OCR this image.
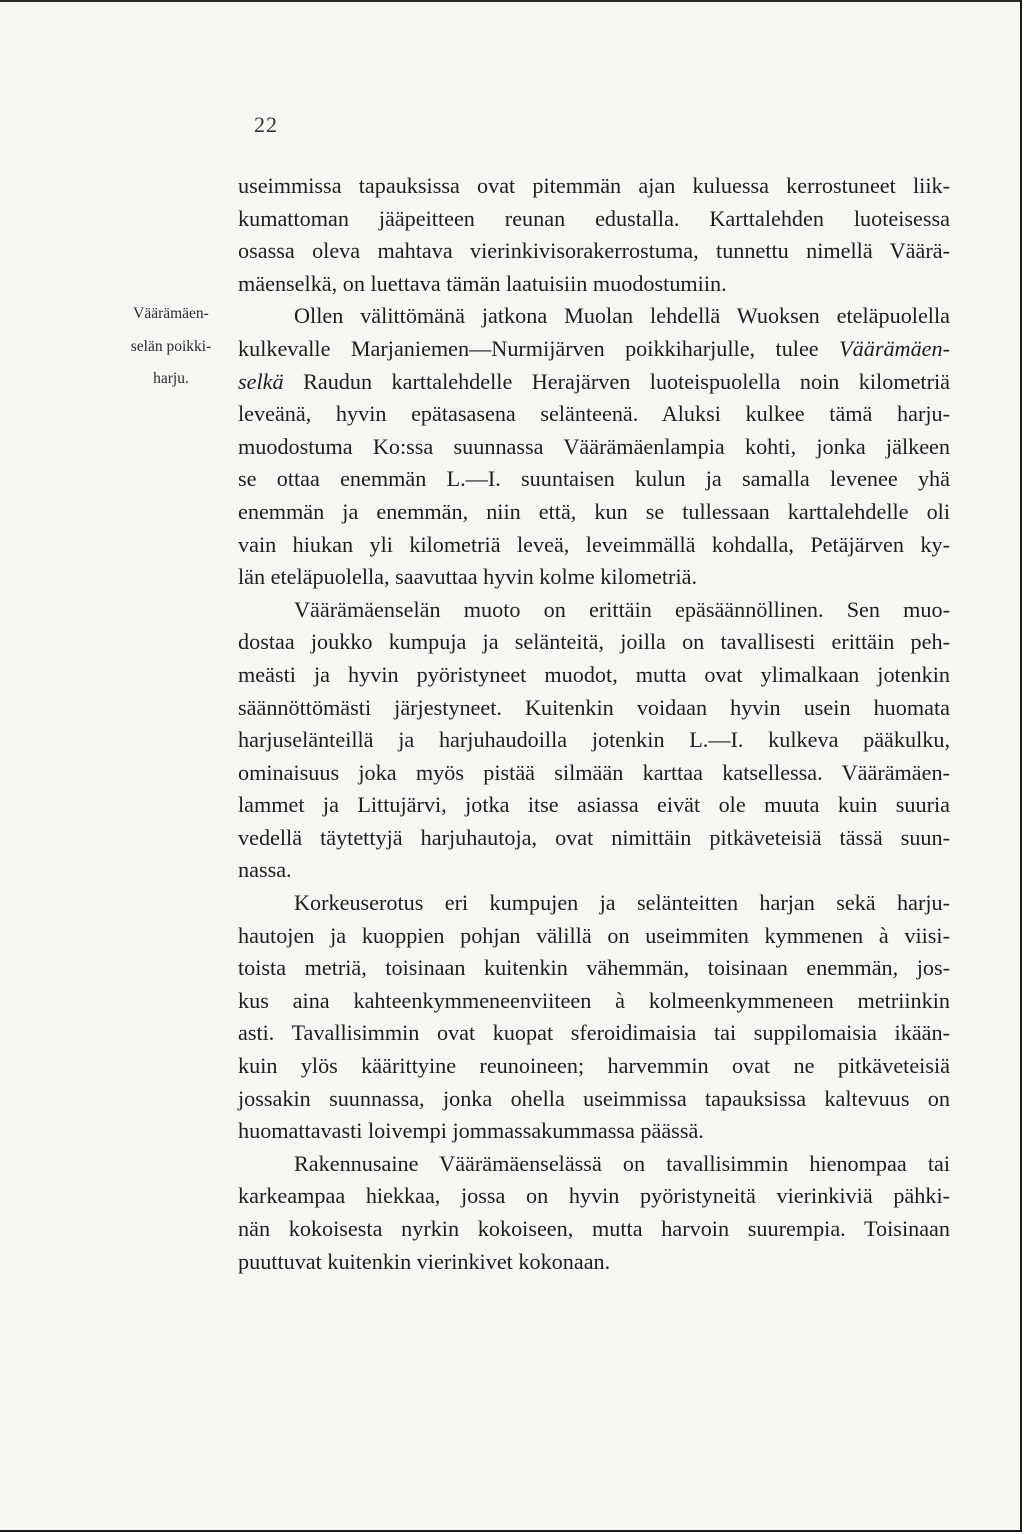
22
Väärämäen-
selän poikki-
harju.
useimmissa tapauksissa ovat pitemmän ajan kuluessa kerrostuneet liik-
kumattoman jääpeitteen reunan edustalla. Karttalehden luoteisessa
osassa oleva mahtava vierinkivisorakerrostuma, tunnettu nimellä Väärä-
mäenselkä, on luettava tämän laatuisiin muodostumiin.
Ollen välittömänä jatkona Muolan lehdellä Wuoksen eteläpuolella
kulkevalle Marjaniemen—Nurmijärven poikkiharjulle, tulee Väärämäen-
selkä Raudun karttalehdelle Herajärven luoteispuolella noin kilometriä
leveänä, hyvin epätasasena selänteenä. Aluksi kulkee tämä harju-
muodostuma Ko:ssa suunnassa Väärämäenlampia kohti, jonka jälkeen
se ottaa enemmän L.—I. suuntaisen kulun ja samalla levenee yhä
enemmän ja enemmän, niin että, kun se tullessaan karttalehdelle oli
vain hiukan yli kilometriä leveä, leveimmällä kohdalla, Petäjärven ky-
län eteläpuolella, saavuttaa hyvin kolme kilometriä.
Väärämäenselän muoto on erittäin epäsäännöllinen. Sen muo-
dostaa joukko kumpuja ja selänteitä, joilla on tavallisesti erittäin peh-
meästi ja hyvin pyöristyneet muodot, mutta ovat ylimalkaan jotenkin
säännöttömästi järjestyneet. Kuitenkin voidaan hyvin usein huomata
harjuselänteillä ja harjuhaudoilla jotenkin L.—I. kulkeva pääkulku,
ominaisuus joka myös pistää silmään karttaa katsellessa. Väärämäen-
lammet ja Littujärvi, jotka itse asiassa eivät ole muuta kuin suuria
vedellä täytettyjä harjuhautoja, ovat nimittäin pitkäveteisiä tässä suun-
nassa.
Korkeuserotus eri kumpujen ja selänteitten harjan sekä harju-
hautojen ja kuoppien pohjan välillä on useimmiten kymmenen à viisi-
toista metriä, toisinaan kuitenkin vähemmän, toisinaan enemmän, jos-
kus aina kahteenkymmeneenviiteen à kolmeenkymmeneen metriinkin
asti. Tavallisimmin ovat kuopat sferoidimaisia tai suppilomaisia ikään-
kuin ylös käärittyine reunoineen; harvemmin ovat ne pitkäveteisiä
jossakin suunnassa, jonka ohella useimmissa tapauksissa kaltevuus on
huomattavasti loivempi jommassakummassa päässä.
Rakennusaine Väärämäenselässä on tavallisimmin hienompaa tai
karkeampaa hiekkaa, jossa on hyvin pyöristyneitä vierinkiviä pähki-
nän kokoisesta nyrkin kokoiseen, mutta harvoin suurempia. Toisinaan
puuttuvat kuitenkin vierinkivet kokonaan.
